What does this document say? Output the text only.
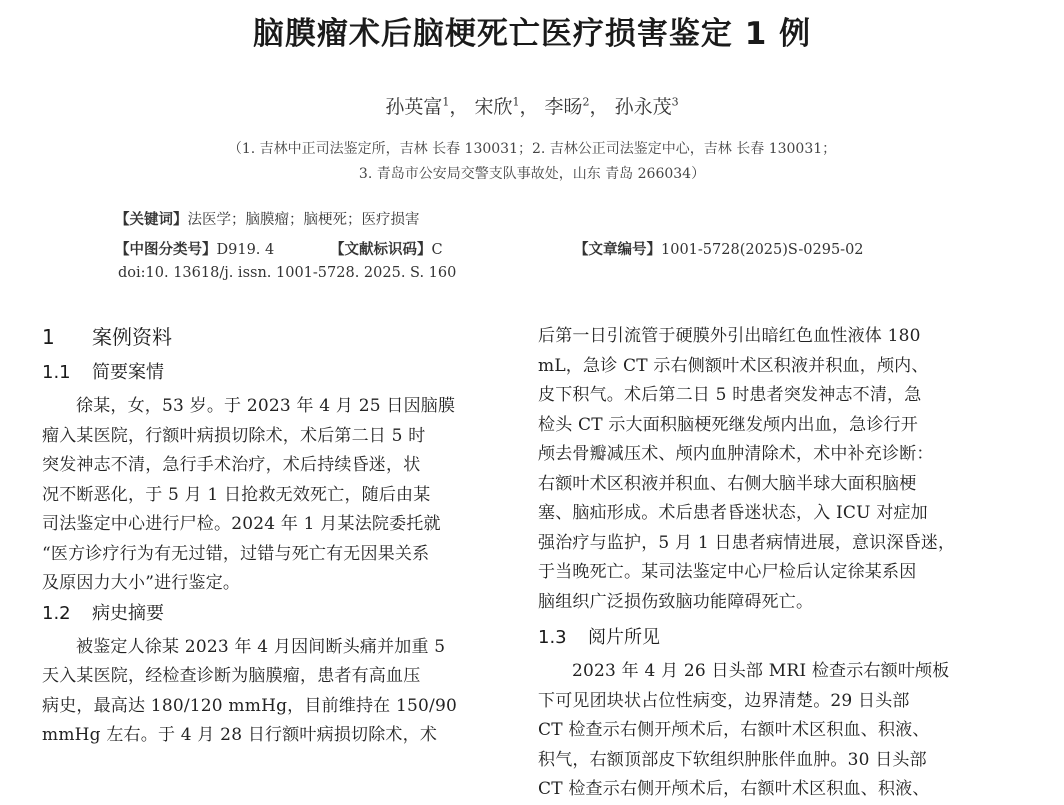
脑膜瘤术后脑梗死亡医疗损害鉴定 1 例
孙英富$^1$， 宋欣$^1$， 李旸$^2$， 孙永茂$^3$
（1. 吉林中正司法鉴定所，吉林 长春 130031；2. 吉林公正司法鉴定中心，吉林 长春 130031；
3. 青岛市公安局交警支队事故处，山东 青岛 266034）
【关键词】法医学；脑膜瘤；脑梗死；医疗损害
【中图分类号】D919. 4	【文献标识码】C	【文章编号】1001-5728(2025)S-0295-02
doi:10. 13618/j. issn. 1001-5728. 2025. S. 160
1 案例资料
1.1 简要案情
徐某，女，53 岁。于 2023 年 4 月 25 日因脑膜
瘤入某医院，行额叶病损切除术，术后第二日 5 时
突发神志不清，急行手术治疗，术后持续昏迷，状
况不断恶化，于 5 月 1 日抢救无效死亡，随后由某
司法鉴定中心进行尸检。2024 年 1 月某法院委托就
“医方诊疗行为有无过错，过错与死亡有无因果关系
及原因力大小”进行鉴定。
1.2 病史摘要
被鉴定人徐某 2023 年 4 月因间断头痛并加重 5
天入某医院，经检查诊断为脑膜瘤，患者有高血压
病史，最高达 180/120 mmHg，目前维持在 150/90
mmHg 左右。于 4 月 28 日行额叶病损切除术，术
后第一日引流管于硬膜外引出暗红色血性液体 180
mL，急诊 CT 示右侧额叶术区积液并积血，颅内、
皮下积气。术后第二日 5 时患者突发神志不清，急
检头 CT 示大面积脑梗死继发颅内出血，急诊行开
颅去骨瓣减压术、颅内血肿清除术，术中补充诊断：
右额叶术区积液并积血、右侧大脑半球大面积脑梗
塞、脑疝形成。术后患者昏迷状态，入 ICU 对症加
强治疗与监护，5 月 1 日患者病情进展，意识深昏迷，
于当晚死亡。某司法鉴定中心尸检后认定徐某系因
脑组织广泛损伤致脑功能障碍死亡。
1.3 阅片所见
2023 年 4 月 26 日头部 MRI 检查示右额叶颅板
下可见团块状占位性病变，边界清楚。29 日头部
CT 检查示右侧开颅术后，右额叶术区积血、积液、
积气，右额顶部皮下软组织肿胀伴血肿。30 日头部
CT 检查示右侧开颅术后，右额叶术区积血、积液、
